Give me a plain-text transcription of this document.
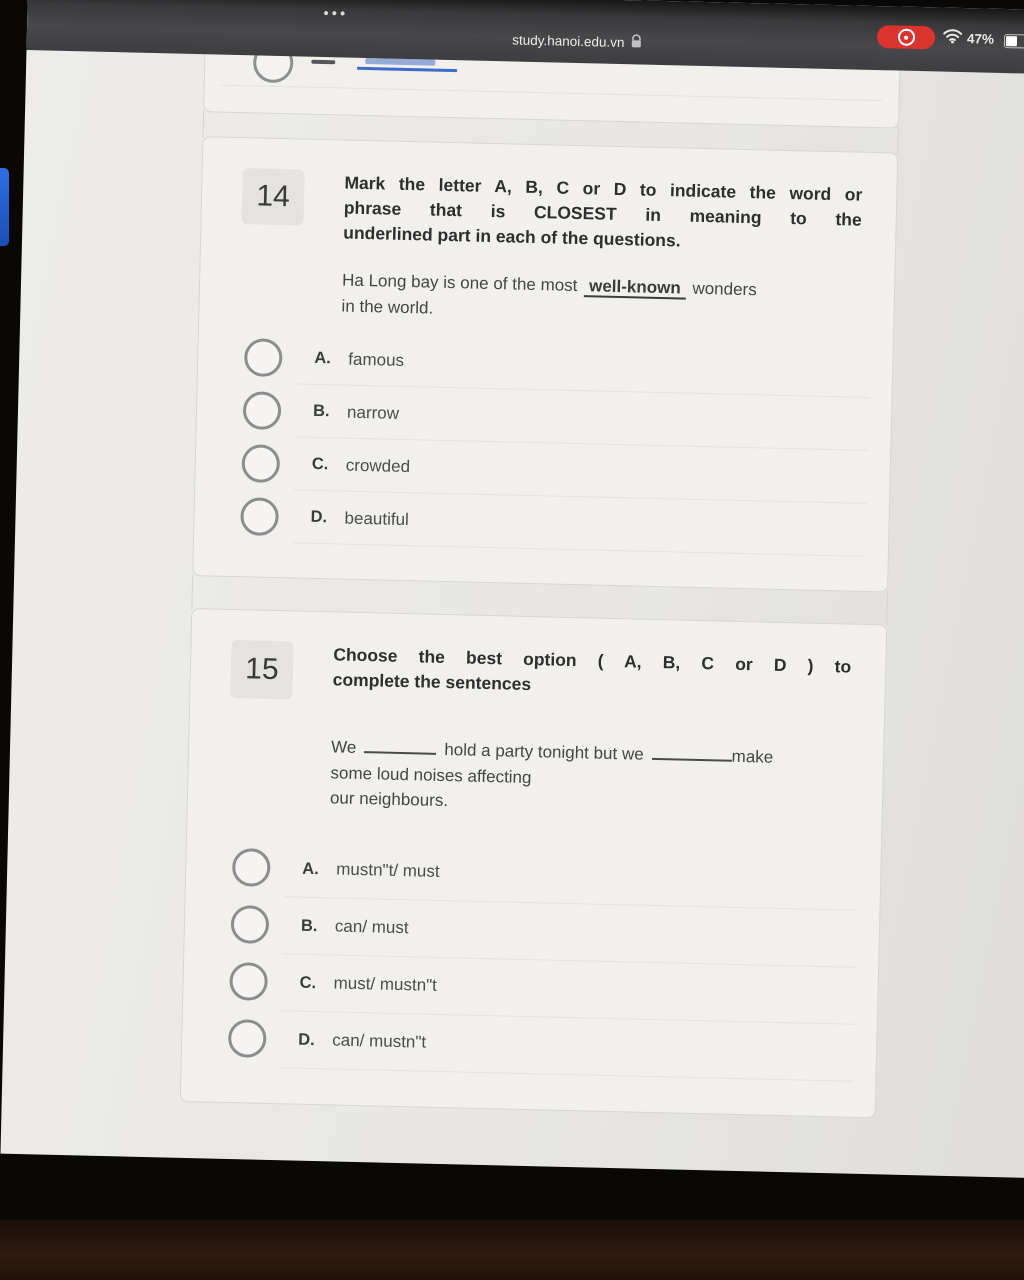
14	Mark the letter A, B, C or D to indicate the word or
phrase that is CLOSEST in meaning to the
underlined part in each of the questions.
Ha Long bay is one of the most well-known wonders
in the world.
A.	famous
B.	narrow
C.	crowded
D.	beautiful
15	Choose the best option ( A, B, C or D ) to
complete the sentences
We	hold a party tonight but we	make
some loud noises affecting
our neighbours.
A.	mustn"t/ must
B.	can/ must
C.	must/ mustn"t
D.	can/ mustn"t
•••
study.hanoi.edu.vn	47%
